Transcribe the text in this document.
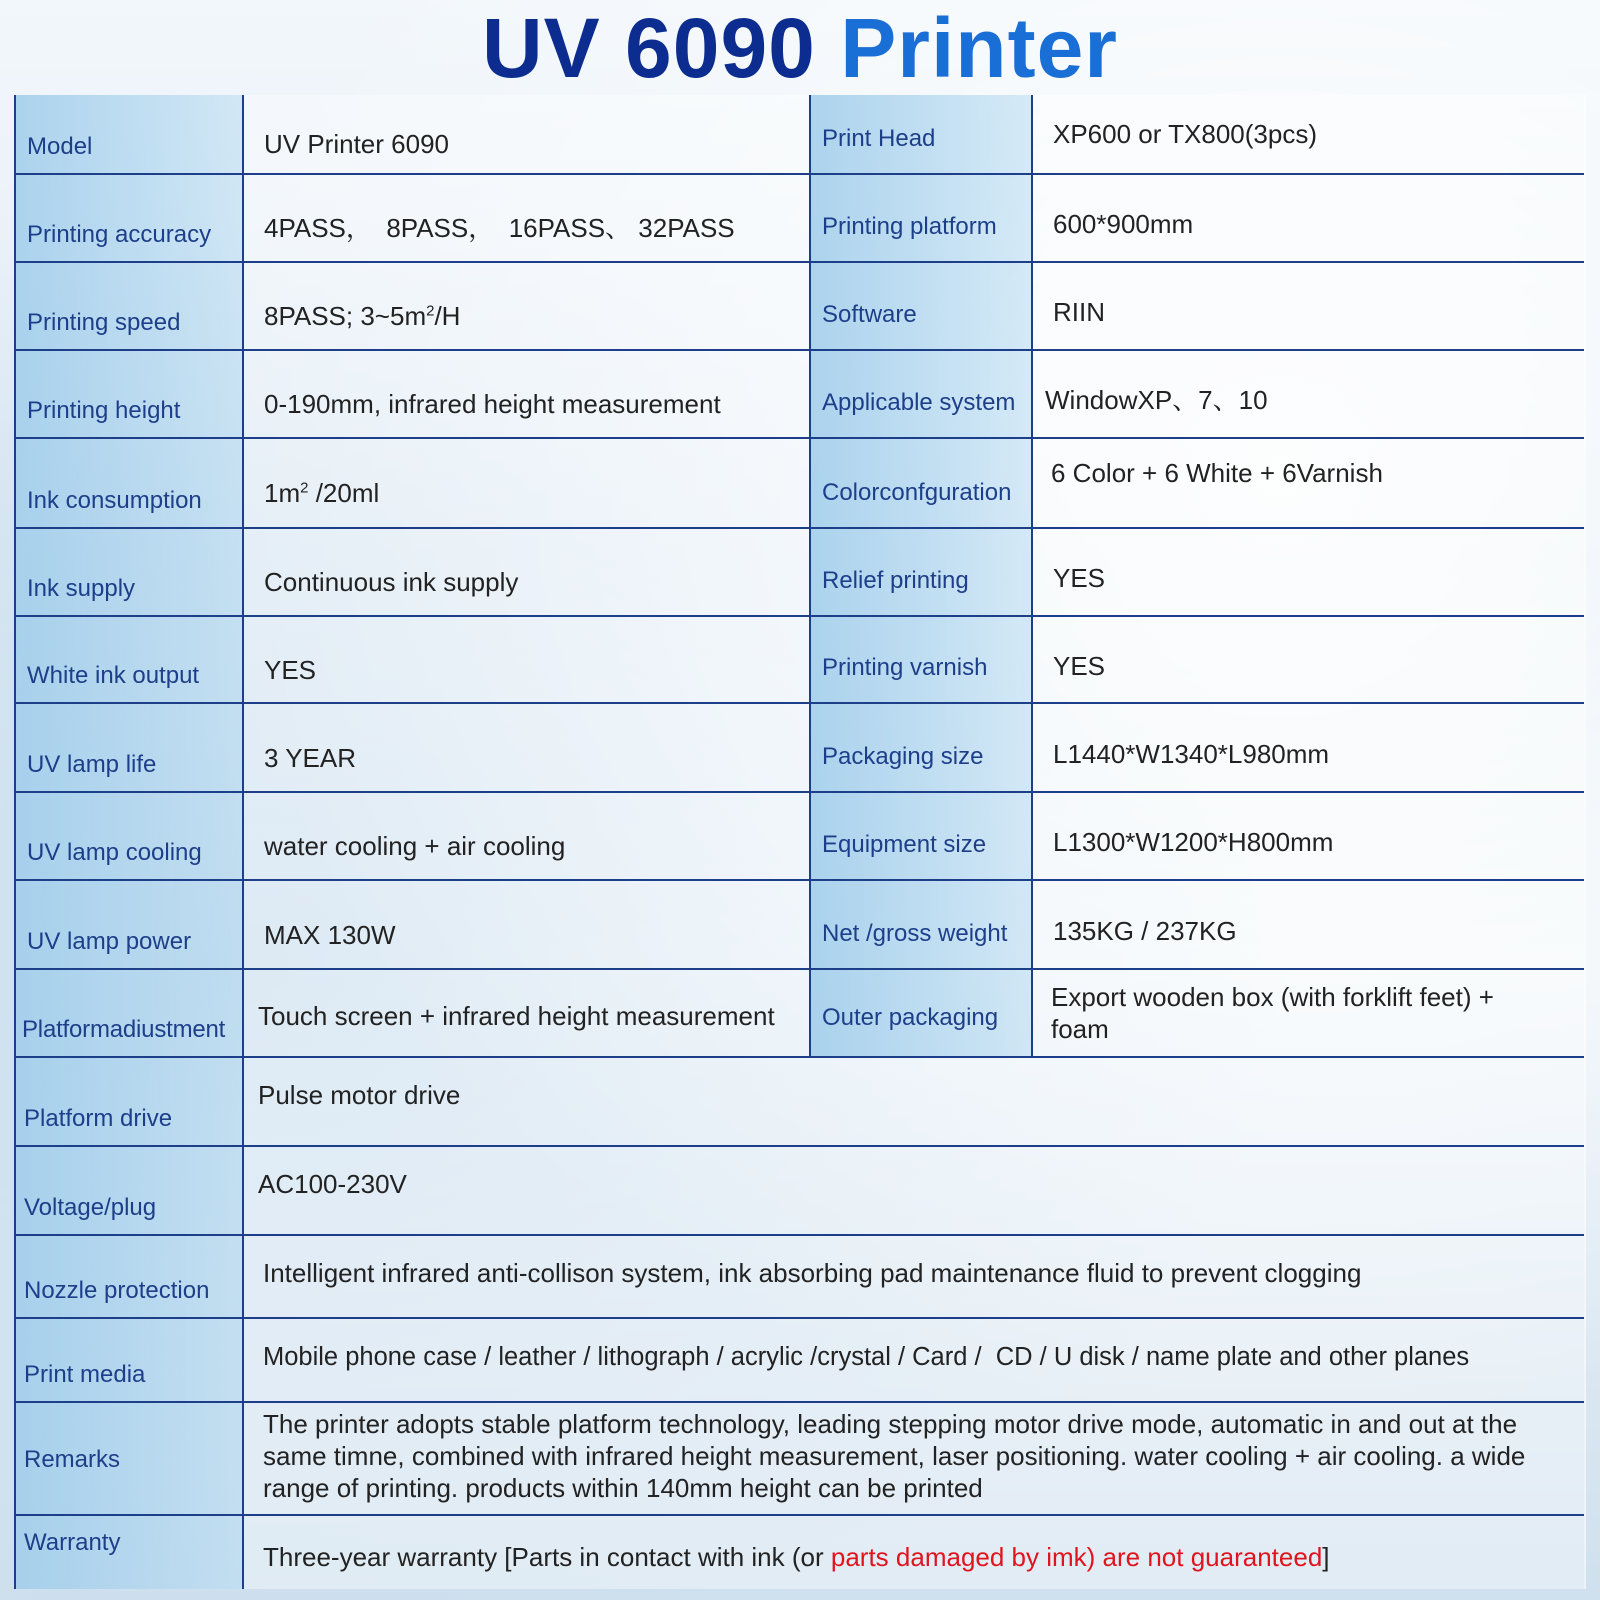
UV 6090 Printer
Model	UV Printer 6090	Print Head	XP600 or TX800(3pcs)
Printing accuracy	4PASS，  8PASS，  16PASS、 32PASS	Printing platform	600*900mm
Printing speed	8PASS; $3\sim 5m^2/H$	Software	RIIN
Printing height	0-190mm, infrared height measurement	Applicable system	WindowXP、7、10
Ink consumption	$1m^2$ /20ml	Colorconfguration	6 Color + 6 White + 6Varnish
Ink supply	Continuous ink supply	Relief printing	YES
White ink output	YES	Printing varnish	YES
UV lamp life	3 YEAR	Packaging size	L1440*W1340*L980mm
UV lamp cooling	water cooling + air cooling	Equipment size	L1300*W1200*H800mm
UV lamp power	MAX 130W	Net /gross weight	135KG / 237KG
Platformadiustment	Touch screen + infrared height measurement	Outer packaging	Export wooden box (with forklift feet) + foam
Platform drive	Pulse motor drive		
Voltage/plug	AC100-230V		
Nozzle protection	Intelligent infrared anti-collison system, ink absorbing pad maintenance fluid to prevent clogging		
Print media	Mobile phone case / leather / lithograph / acrylic /crystal / Card /  CD / U disk / name plate and other planes		
Remarks	The printer adopts stable platform technology, leading stepping motor drive mode, automatic in and out at the same timne, combined with infrared height measurement, laser positioning. water cooling + air cooling. a wide range of printing. products within 140mm height can be printed		
Warranty	Three-year warranty [Parts in contact with ink (or parts damaged by imk) are not guaranteed]		
